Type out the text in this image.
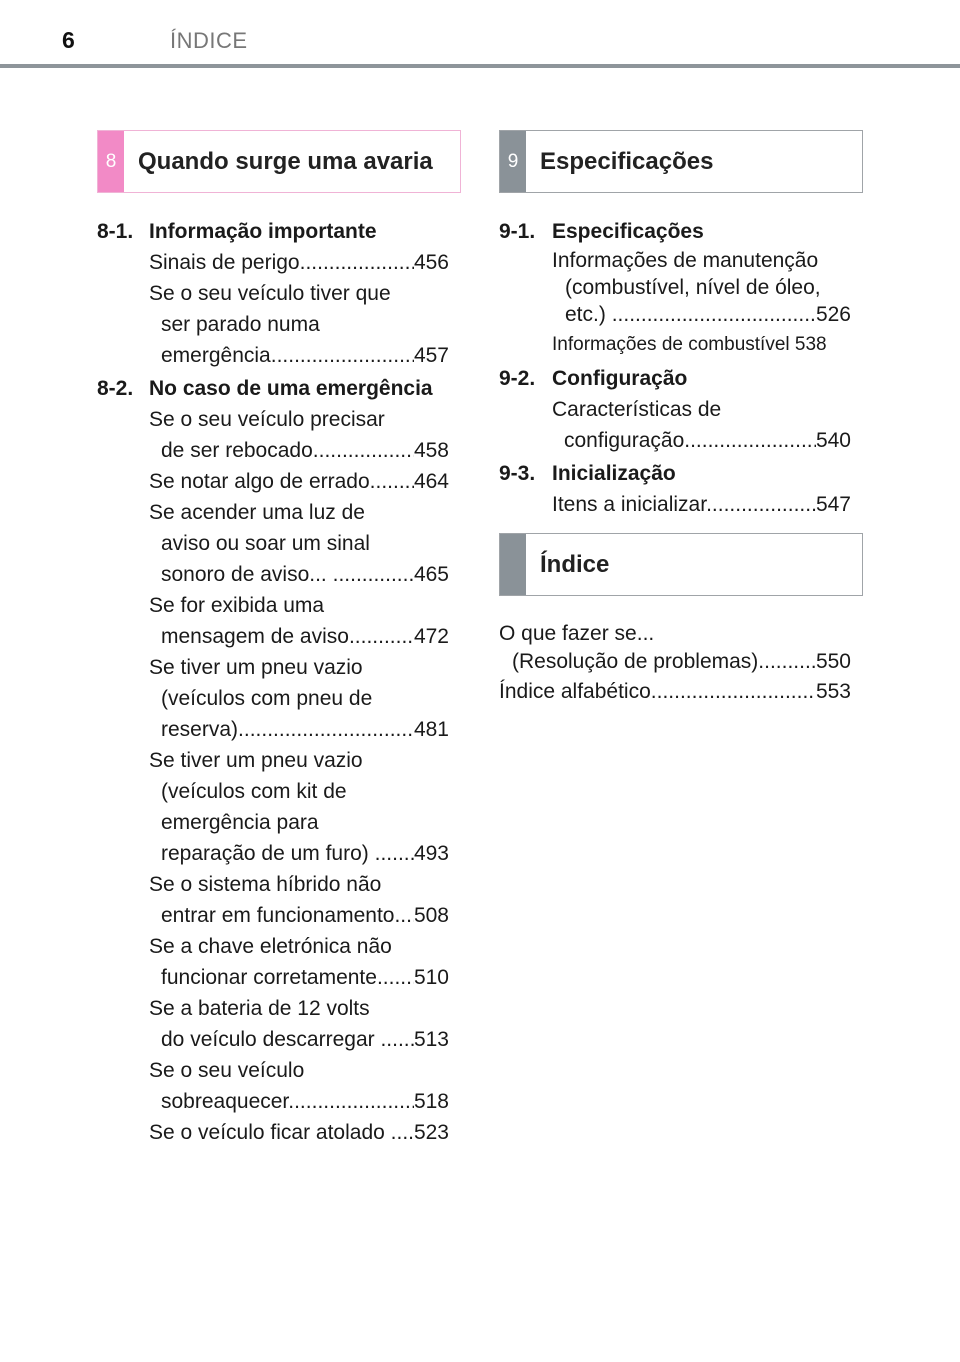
6	ÍNDICE
8 Quando surge uma avaria	9 Especificações
Índice
8-1. Informação importante
Sinais de perigo .....	456
Se o seu veículo tiver que
ser parado numa
emergência .....	457
8-2. No caso de uma emergência
Se o seu veículo precisar
de ser rebocado .....	458
Se notar algo de errado .....	464
Se acender uma luz de
aviso ou soar um sinal
sonoro de aviso... .....	465
Se for exibida uma
mensagem de aviso .....	472
Se tiver um pneu vazio
(veículos com pneu de
reserva) .....	481
Se tiver um pneu vazio
(veículos com kit de
emergência para
reparação de um furo) .....	493
Se o sistema híbrido não
entrar em funcionamento ..... 508
Se a chave eletrónica não
funcionar corretamente .....	510
Se a bateria de 12 volts
do veículo descarregar .....	513
Se o seu veículo
sobreaquecer .....	518
Se o veículo ficar atolado .....	523
9-1. Especificações
Informações de manutenção
(combustível, nível de óleo,
etc.) .....	526
Informações de combustível 538
9-2. Configuração
Características de
configuração .....	540
9-3. Inicialização
Itens a inicializar .....	547
O que fazer se...
(Resolução de problemas) .....	550
Índice alfabético .....	553
